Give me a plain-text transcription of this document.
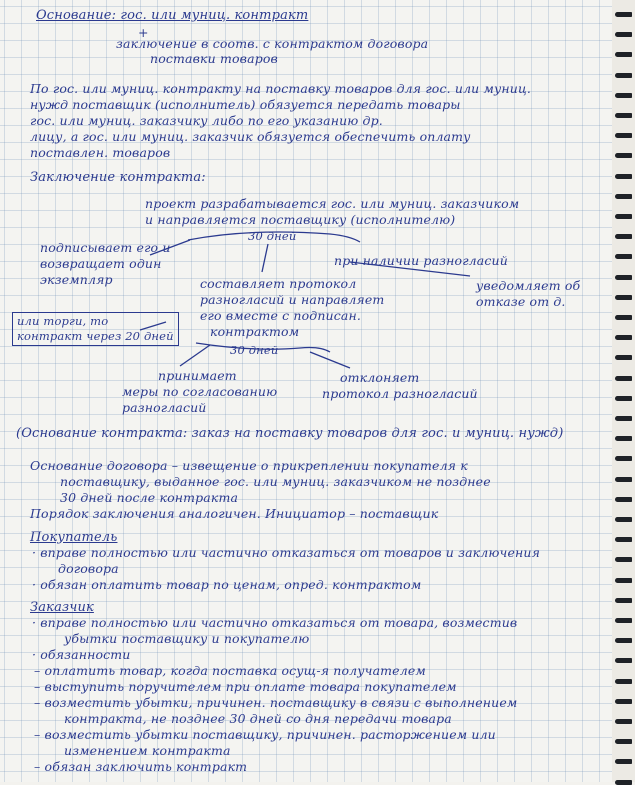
Основание: гос. или муниц. контракт

+

заключение в соотв. с контрактом договора

поставки товаров

По гос. или муниц. контракту на поставку товаров для гос. или муниц.

нужд поставщик (исполнитель) обязуется передать товары

гос. или муниц. заказчику либо по его указанию др.

лицу, а гос. или муниц. заказчик обязуется обеспечить оплату

поставлен. товаров

Заключение контракта:

проект разрабатывается гос. или муниц. заказчиком

и направляется поставщику (исполнителю)

30 дней

при наличии разногласий

подписывает его и

возвращает один

экземпляр	составляет протокол

разногласий и направляет

его вместе с подписан.

контрактом

уведомляет об

отказе от д.

или торги, то

контракт через 20 дней

30 дней

принимает

меры по согласованию

разногласий

отклоняет

протокол разногласий

(Основание контракта: заказ на поставку товаров для гос. и муниц. нужд)

Основание договора – извещение о прикреплении покупателя к

поставщику, выданное гос. или муниц. заказчиком не позднее

30 дней после контракта

Порядок заключения аналогичен. Инициатор – поставщик

Покупатель

· вправе полностью или частично отказаться от товаров и заключения

договора

· обязан оплатить товар по ценам, опред. контрактом

Заказчик

· вправе полностью или частично отказаться от товара, возместив

убытки поставщику и покупателю

· обязанности

– оплатить товар, когда поставка осущ-я получателем

– выступить поручителем при оплате товара покупателем

– возместить убытки, причинен. поставщику в связи с выполнением

контракта, не позднее 30 дней со дня передачи товара

– возместить убытки поставщику, причинен. расторжением или

изменением контракта

– обязан заключить контракт
